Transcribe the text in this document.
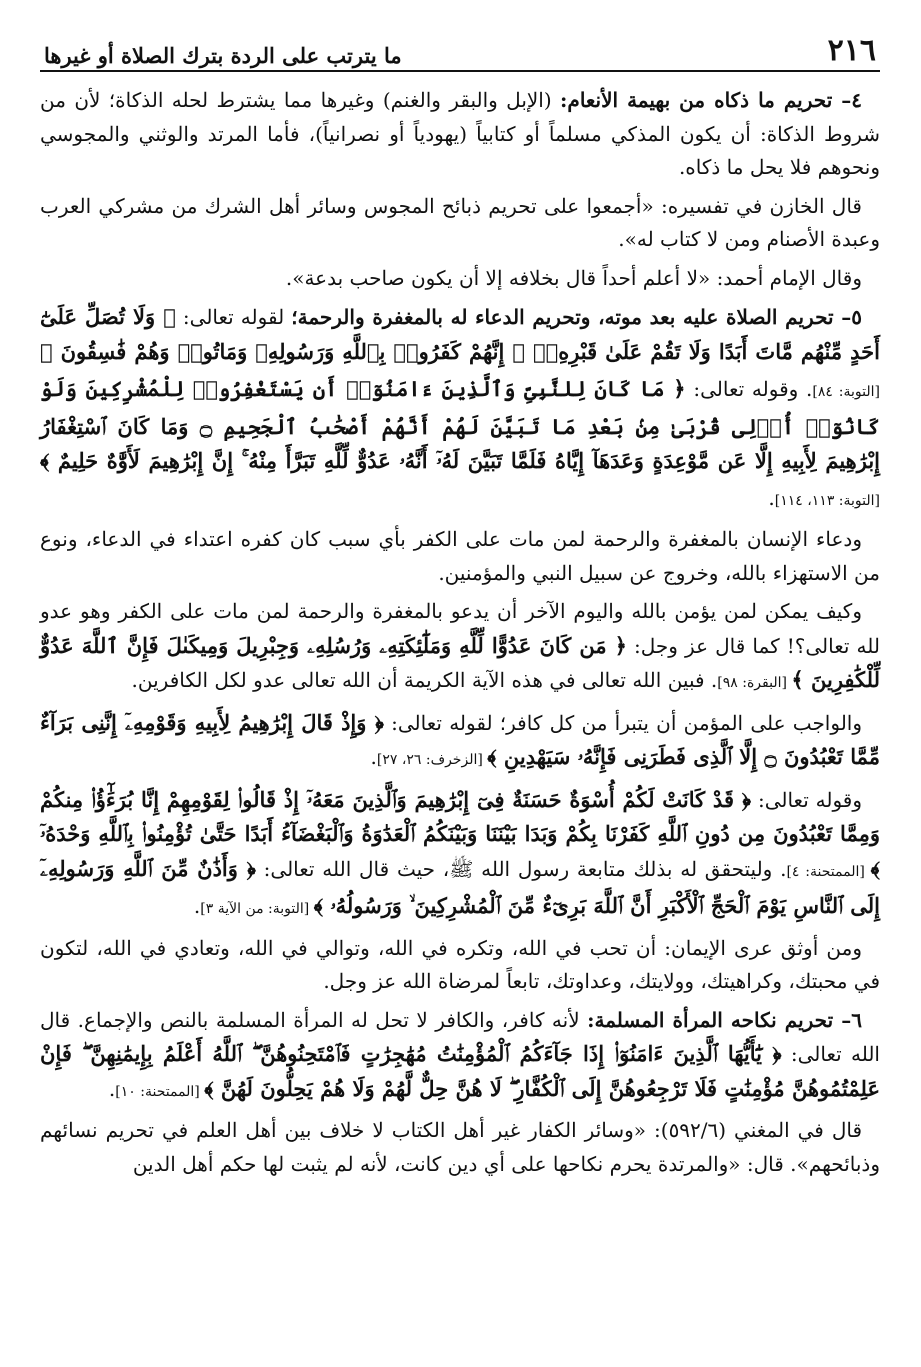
٢١٦
ما يترتب على الردة بترك الصلاة أو غيرها

٤– تحريم ما ذكاه من بهيمة الأنعام: (الإبل والبقر والغنم) وغيرها مما يشترط لحله الذكاة؛ لأن من شروط الذكاة: أن يكون المذكي مسلماً أو كتابياً (يهودياً أو نصرانياً)، فأما المرتد والوثني والمجوسي ونحوهم فلا يحل ما ذكاه.

قال الخازن في تفسيره: «أجمعوا على تحريم ذبائح المجوس وسائر أهل الشرك من مشركي العرب وعبدة الأصنام ومن لا كتاب له».

وقال الإمام أحمد: «لا أعلم أحداً قال بخلافه إلا أن يكون صاحب بدعة».

٥– تحريم الصلاة عليه بعد موته، وتحريم الدعاء له بالمغفرة والرحمة؛ لقوله تعالى: ﴿ وَلَا تُصَلِّ عَلَىٰٓ أَحَدٍ مِّنْهُم مَّاتَ أَبَدًا وَلَا تَقُمْ عَلَىٰ قَبْرِهِۦٓ ۖ إِنَّهُمْ كَفَرُوا۟ بِٱللَّهِ وَرَسُولِهِۦ وَمَاتُوا۟ وَهُمْ فَٰسِقُونَ ﴾ [التوبة: ٨٤]. وقوله تعالى: ﴿ مَا كَانَ لِلنَّبِىِّ وَٱلَّذِينَ ءَامَنُوٓا۟ أَن يَسْتَغْفِرُوا۟ لِلْمُشْرِكِينَ وَلَوْ كَانُوٓا۟ أُو۟لِى قُرْبَىٰ مِنۢ بَعْدِ مَا تَبَيَّنَ لَهُمْ أَنَّهُمْ أَصْحَٰبُ ٱلْجَحِيمِ ۝ وَمَا كَانَ ٱسْتِغْفَارُ إِبْرَٰهِيمَ لِأَبِيهِ إِلَّا عَن مَّوْعِدَةٍ وَعَدَهَآ إِيَّاهُ فَلَمَّا تَبَيَّنَ لَهُۥٓ أَنَّهُۥ عَدُوٌّ لِّلَّهِ تَبَرَّأَ مِنْهُ ۚ إِنَّ إِبْرَٰهِيمَ لَأَوَّٰهٌ حَلِيمٌ ﴾ [التوبة: ١١٣، ١١٤].

ودعاء الإنسان بالمغفرة والرحمة لمن مات على الكفر بأي سبب كان كفره اعتداء في الدعاء، ونوع من الاستهزاء بالله، وخروج عن سبيل النبي والمؤمنين.

وكيف يمكن لمن يؤمن بالله واليوم الآخر أن يدعو بالمغفرة والرحمة لمن مات على الكفر وهو عدو لله تعالى؟! كما قال عز وجل: ﴿ مَن كَانَ عَدُوًّا لِّلَّهِ وَمَلَٰٓئِكَتِهِۦ وَرُسُلِهِۦ وَجِبْرِيلَ وَمِيكَىٰلَ فَإِنَّ ٱللَّهَ عَدُوٌّ لِّلْكَٰفِرِينَ ﴾ [البقرة: ٩٨]. فبين الله تعالى في هذه الآية الكريمة أن الله تعالى عدو لكل الكافرين.

والواجب على المؤمن أن يتبرأ من كل كافر؛ لقوله تعالى: ﴿ وَإِذْ قَالَ إِبْرَٰهِيمُ لِأَبِيهِ وَقَوْمِهِۦٓ إِنَّنِى بَرَآءٌ مِّمَّا تَعْبُدُونَ ۝ إِلَّا ٱلَّذِى فَطَرَنِى فَإِنَّهُۥ سَيَهْدِينِ ﴾ [الزخرف: ٢٦، ٢٧].

وقوله تعالى: ﴿ قَدْ كَانَتْ لَكُمْ أُسْوَةٌ حَسَنَةٌ فِىٓ إِبْرَٰهِيمَ وَٱلَّذِينَ مَعَهُۥٓ إِذْ قَالُوا۟ لِقَوْمِهِمْ إِنَّا بُرَءَٰٓؤُا۟ مِنكُمْ وَمِمَّا تَعْبُدُونَ مِن دُونِ ٱللَّهِ كَفَرْنَا بِكُمْ وَبَدَا بَيْنَنَا وَبَيْنَكُمُ ٱلْعَدَٰوَةُ وَٱلْبَغْضَآءُ أَبَدًا حَتَّىٰ تُؤْمِنُوا۟ بِٱللَّهِ وَحْدَهُۥٓ ﴾ [الممتحنة: ٤]. وليتحقق له بذلك متابعة رسول الله ﷺ، حيث قال الله تعالى: ﴿ وَأَذَٰنٌ مِّنَ ٱللَّهِ وَرَسُولِهِۦٓ إِلَى ٱلنَّاسِ يَوْمَ ٱلْحَجِّ ٱلْأَكْبَرِ أَنَّ ٱللَّهَ بَرِىٓءٌ مِّنَ ٱلْمُشْرِكِينَ ۙ وَرَسُولُهُۥ ﴾ [التوبة: من الآية ٣].

ومن أوثق عرى الإيمان: أن تحب في الله، وتكره في الله، وتوالي في الله، وتعادي في الله، لتكون في محبتك، وكراهيتك، وولايتك، وعداوتك، تابعاً لمرضاة الله عز وجل.

٦– تحريم نكاحه المرأة المسلمة: لأنه كافر، والكافر لا تحل له المرأة المسلمة بالنص والإجماع. قال الله تعالى: ﴿ يَٰٓأَيُّهَا ٱلَّذِينَ ءَامَنُوٓا۟ إِذَا جَآءَكُمُ ٱلْمُؤْمِنَٰتُ مُهَٰجِرَٰتٍ فَٱمْتَحِنُوهُنَّ ۖ ٱللَّهُ أَعْلَمُ بِإِيمَٰنِهِنَّ ۖ فَإِنْ عَلِمْتُمُوهُنَّ مُؤْمِنَٰتٍ فَلَا تَرْجِعُوهُنَّ إِلَى ٱلْكُفَّارِ ۖ لَا هُنَّ حِلٌّ لَّهُمْ وَلَا هُمْ يَحِلُّونَ لَهُنَّ ﴾ [الممتحنة: ١٠].

قال في المغني (٥٩٢/٦): «وسائر الكفار غير أهل الكتاب لا خلاف بين أهل العلم في تحريم نسائهم وذبائحهم». قال: «والمرتدة يحرم نكاحها على أي دين كانت، لأنه لم يثبت لها حكم أهل الدين
